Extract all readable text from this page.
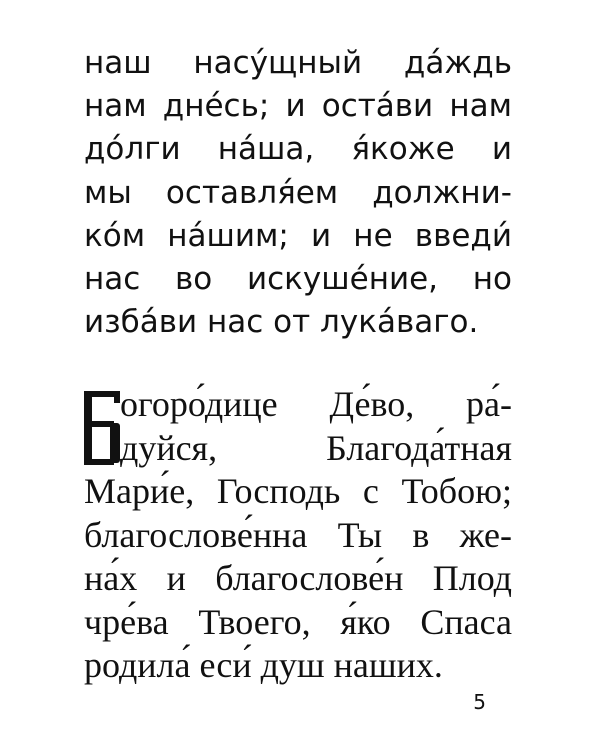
наш насу́щный да́ждь
нам дне́сь; и оста́ви нам
до́лги на́ша, я́коже и
мы оставля́ем должни-
ко́м на́шим; и не введи́
нас во искуше́ние, но
изба́ви нас от лука́ваго.
огоро́дице Де́во, ра́-
дуйся, Благода́тная
Мари́е, Господь с Тобою;
благослове́нна Ты в же-
на́х и благослове́н Плод
чре́ва Твоего, я́ко Спаса
родила́ еси́ душ наших.
5
